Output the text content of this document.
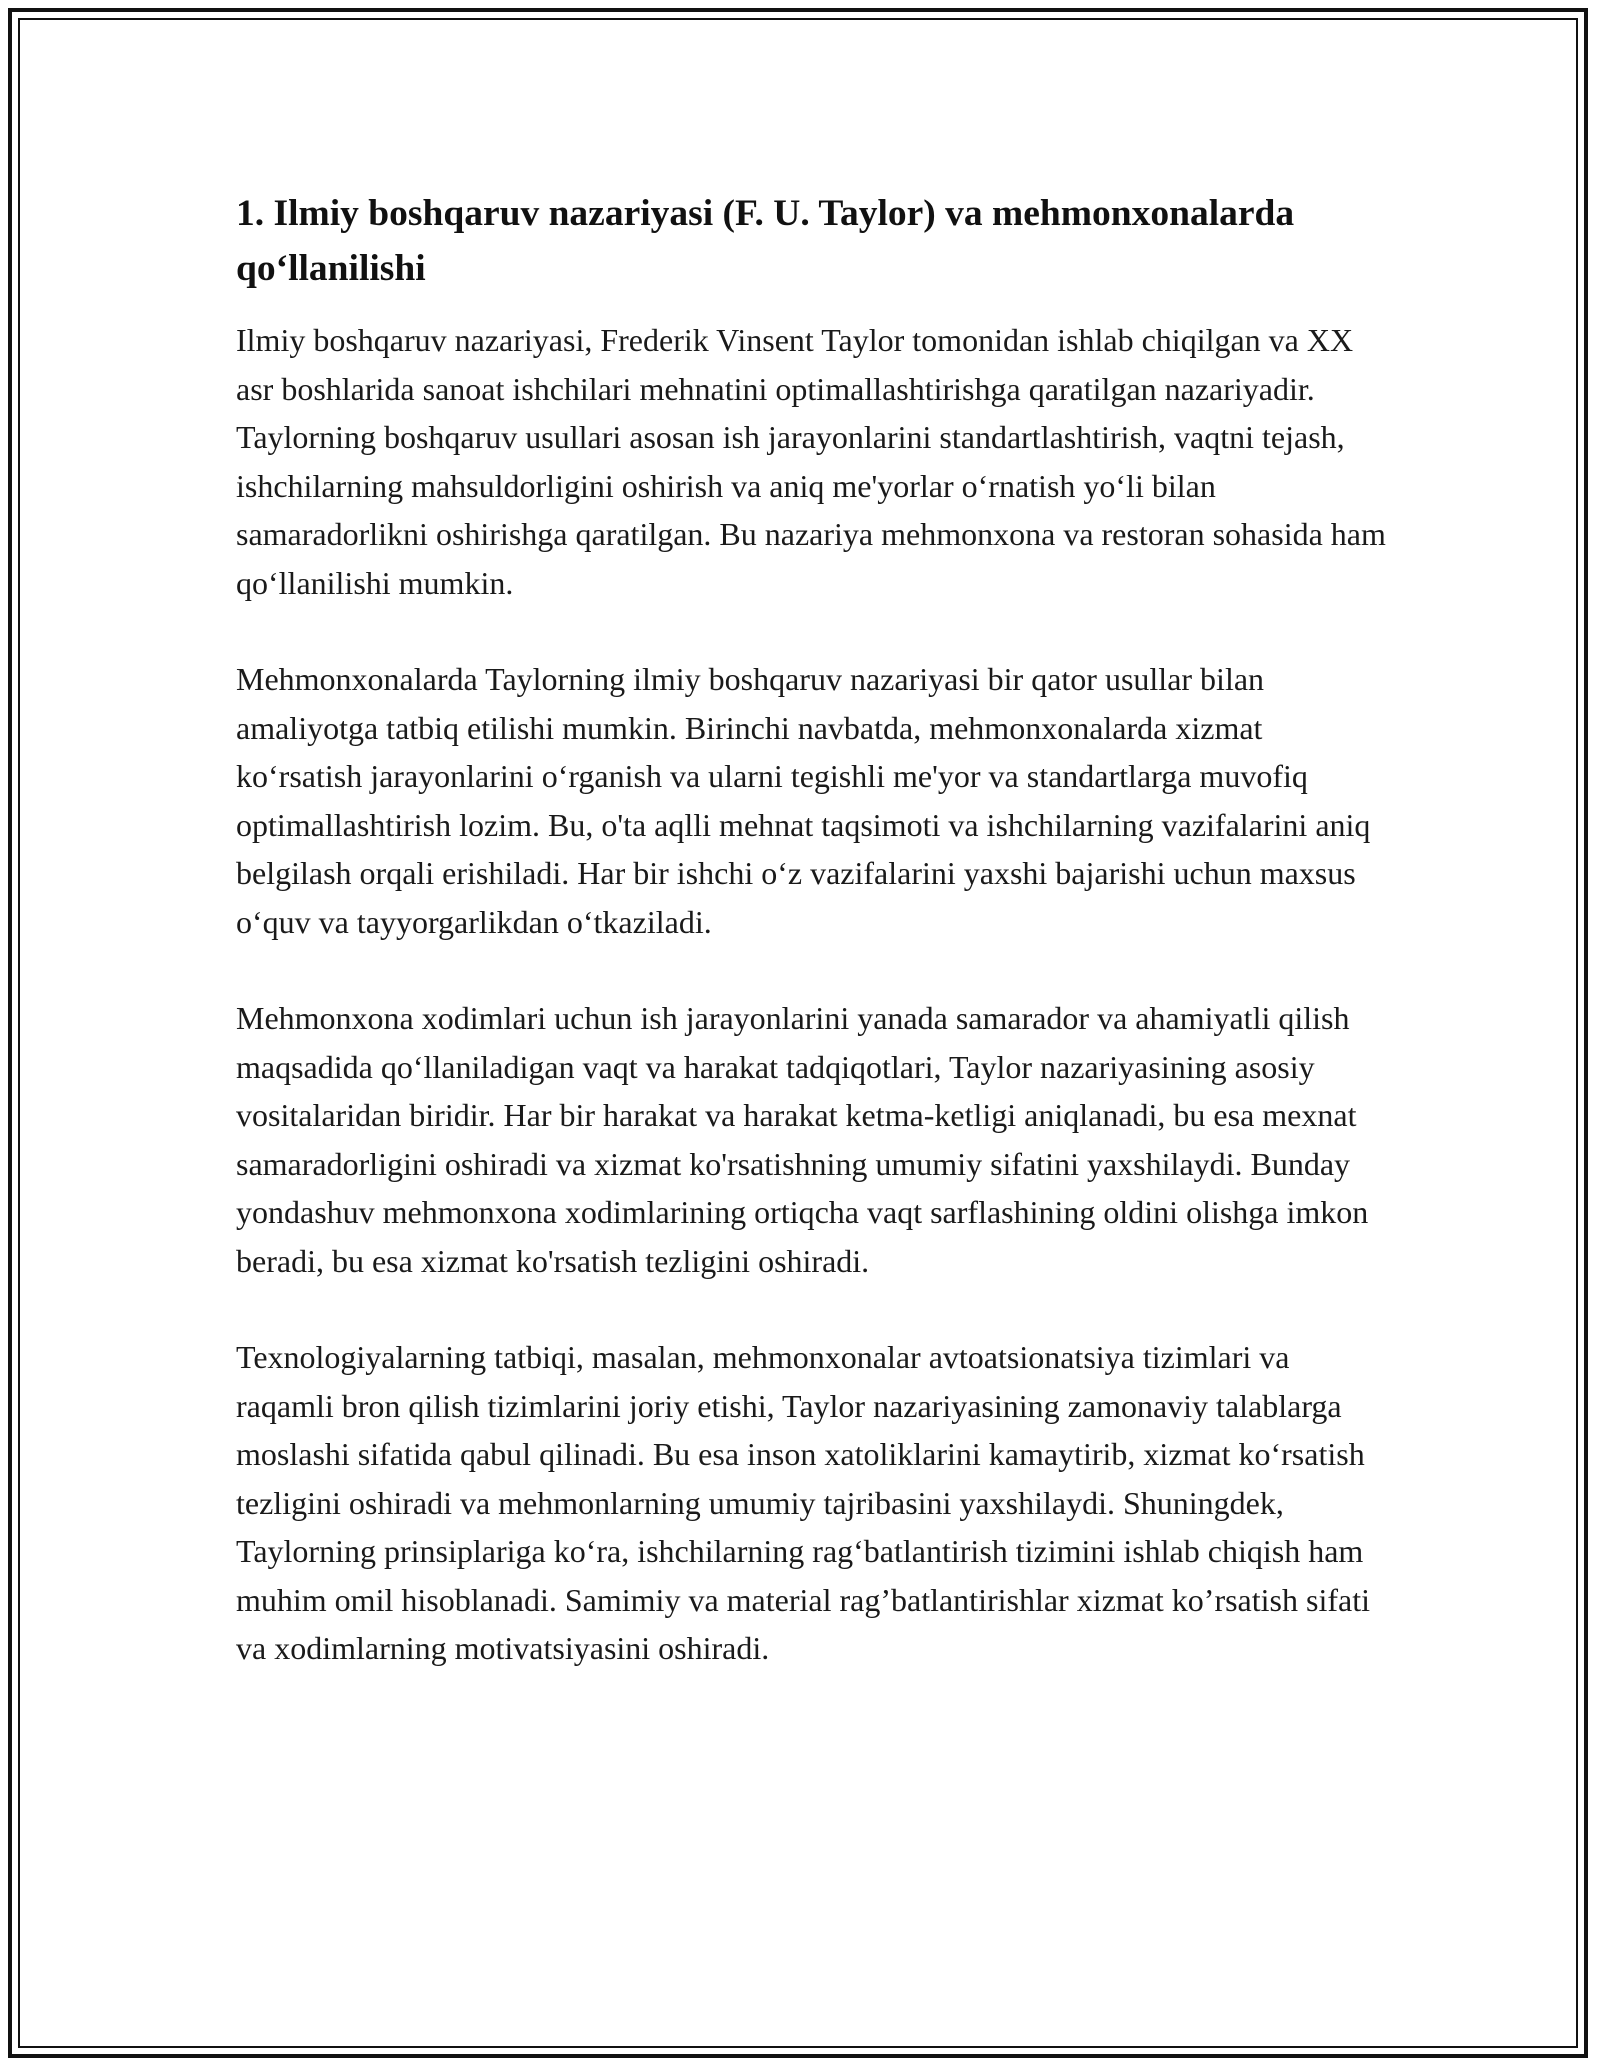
1. Ilmiy boshqaruv nazariyasi (F. U. Taylor) va mehmonxonalarda qo‘llanilishi

Ilmiy boshqaruv nazariyasi, Frederik Vinsent Taylor tomonidan ishlab chiqilgan va XX asr boshlarida sanoat ishchilari mehnatini optimallashtirishga qaratilgan nazariyadir. Taylorning boshqaruv usullari asosan ish jarayonlarini standartlashtirish, vaqtni tejash, ishchilarning mahsuldorligini oshirish va aniq me'yorlar o‘rnatish yo‘li bilan samaradorlikni oshirishga qaratilgan. Bu nazariya mehmonxona va restoran sohasida ham qo‘llanilishi mumkin.

Mehmonxonalarda Taylorning ilmiy boshqaruv nazariyasi bir qator usullar bilan amaliyotga tatbiq etilishi mumkin. Birinchi navbatda, mehmonxonalarda xizmat ko‘rsatish jarayonlarini o‘rganish va ularni tegishli me'yor va standartlarga muvofiq optimallashtirish lozim. Bu, o'ta aqlli mehnat taqsimoti va ishchilarning vazifalarini aniq belgilash orqali erishiladi. Har bir ishchi o‘z vazifalarini yaxshi bajarishi uchun maxsus o‘quv va tayyorgarlikdan o‘tkaziladi.

Mehmonxona xodimlari uchun ish jarayonlarini yanada samarador va ahamiyatli qilish maqsadida qo‘llaniladigan vaqt va harakat tadqiqotlari, Taylor nazariyasining asosiy vositalaridan biridir. Har bir harakat va harakat ketma-ketligi aniqlanadi, bu esa mexnat samaradorligini oshiradi va xizmat ko'rsatishning umumiy sifatini yaxshilaydi. Bunday yondashuv mehmonxona xodimlarining ortiqcha vaqt sarflashining oldini olishga imkon beradi, bu esa xizmat ko'rsatish tezligini oshiradi.

Texnologiyalarning tatbiqi, masalan, mehmonxonalar avtoatsionatsiya tizimlari va raqamli bron qilish tizimlarini joriy etishi, Taylor nazariyasining zamonaviy talablarga moslashi sifatida qabul qilinadi. Bu esa inson xatoliklarini kamaytirib, xizmat ko‘rsatish tezligini oshiradi va mehmonlarning umumiy tajribasini yaxshilaydi. Shuningdek, Taylorning prinsiplariga ko‘ra, ishchilarning rag‘batlantirish tizimini ishlab chiqish ham muhim omil hisoblanadi. Samimiy va material rag’batlantirishlar xizmat ko’rsatish sifati va xodimlarning motivatsiyasini oshiradi.
